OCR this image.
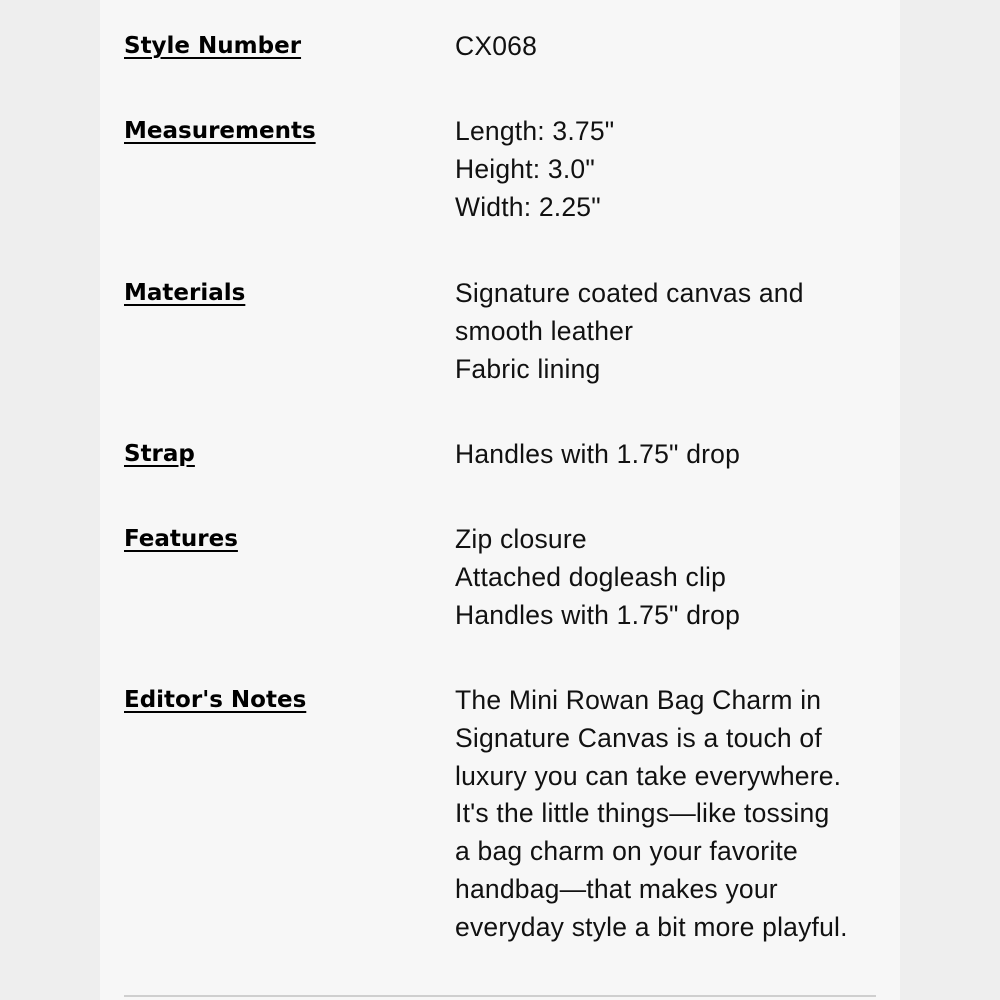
Style Number	CX068
Measurements	Length: 3.75"
Height: 3.0"
Width: 2.25"
Materials	Signature coated canvas and
smooth leather
Fabric lining
Strap	Handles with 1.75" drop
Features	Zip closure
Attached dogleash clip
Handles with 1.75" drop
Editor's Notes	The Mini Rowan Bag Charm in
Signature Canvas is a touch of
luxury you can take everywhere.
It's the little things—like tossing
a bag charm on your favorite
handbag—that makes your
everyday style a bit more playful.
